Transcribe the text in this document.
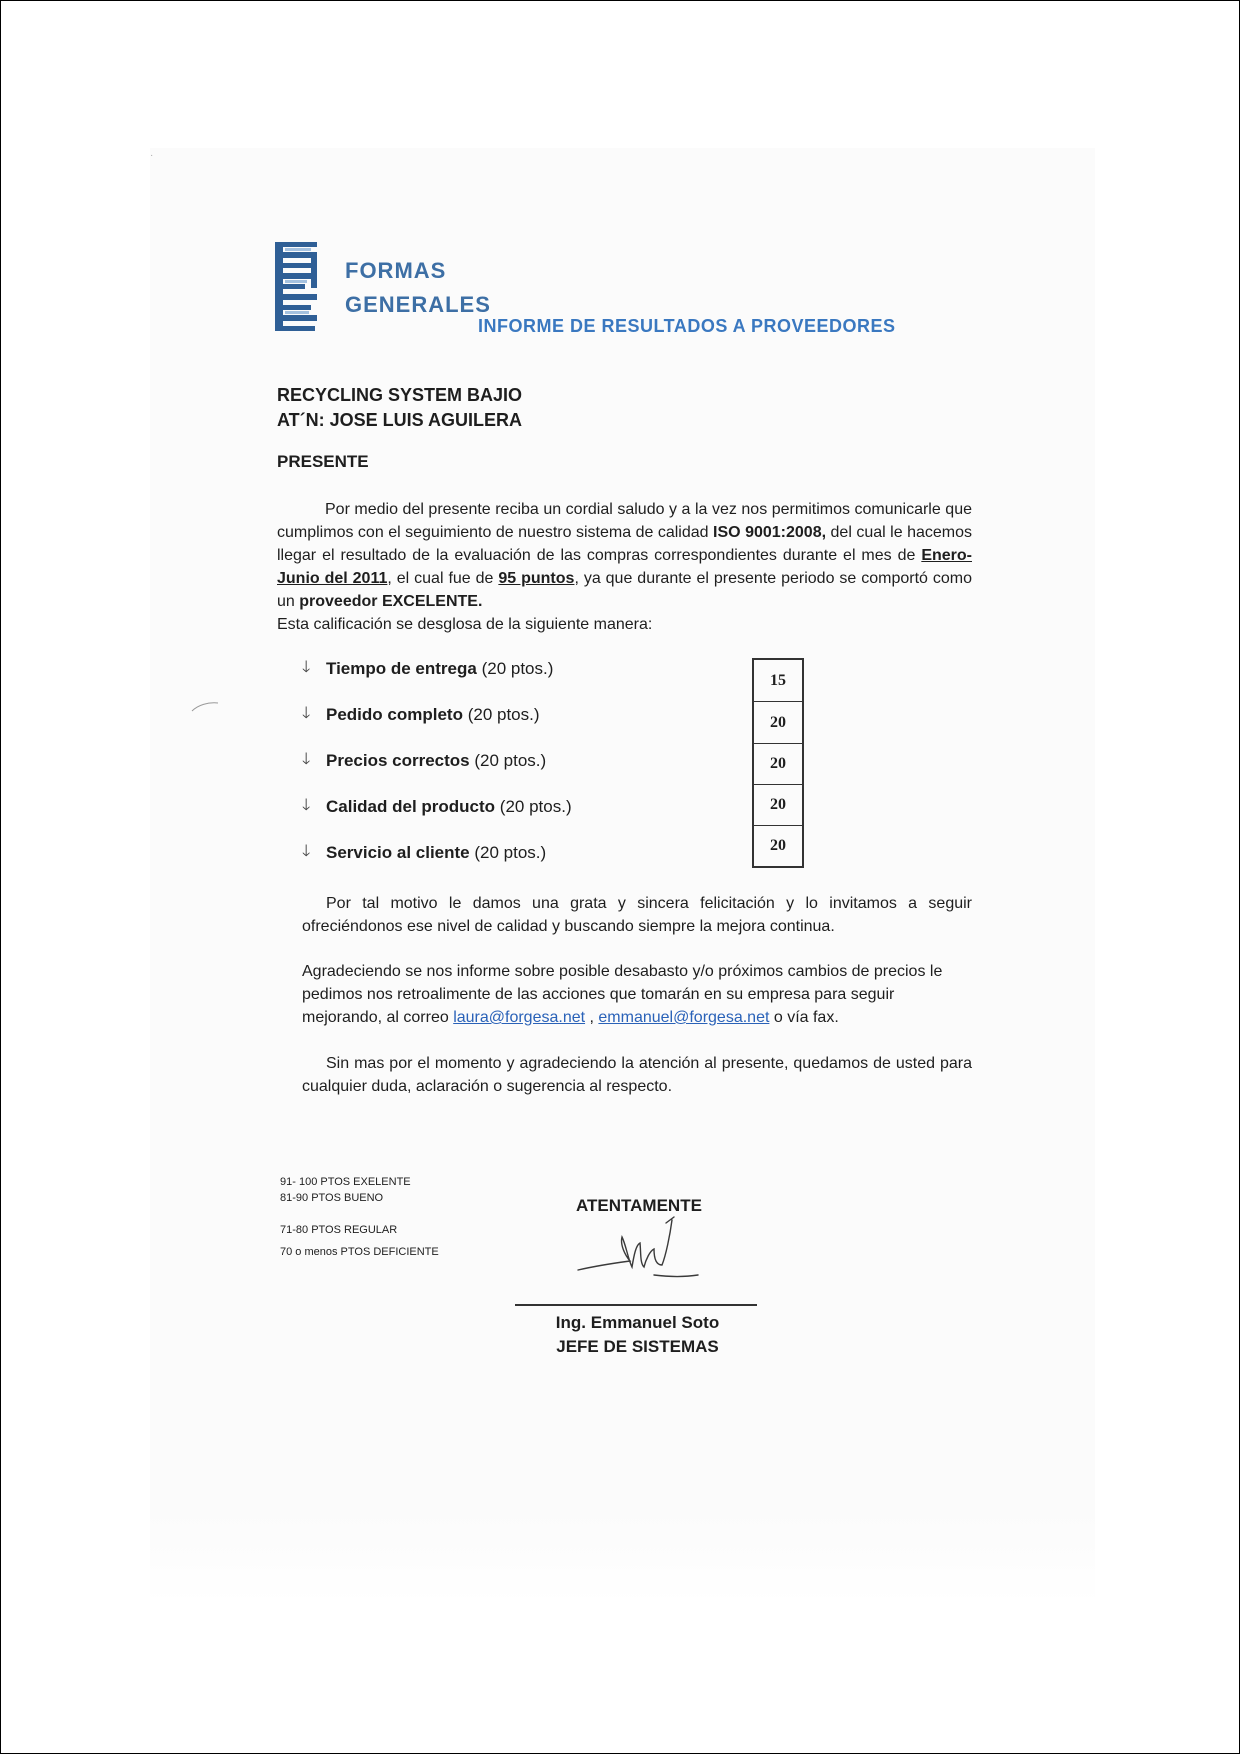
·
FORMAS
GENERALES
INFORME DE RESULTADOS A PROVEEDORES
RECYCLING SYSTEM BAJIO
AT´N: JOSE LUIS AGUILERA
PRESENTE
Por medio del presente reciba un cordial saludo y a la vez nos permitimos comunicarle que cumplimos con el seguimiento de nuestro sistema de calidad ISO 9001:2008, del cual le hacemos llegar el resultado de la evaluación de las compras correspondientes durante el mes de Enero-Junio del 2011, el cual fue de 95 puntos, ya que durante el presente periodo se comportó como un proveedor EXCELENTE.
Esta calificación se desglosa de la siguiente manera:
🡓 Tiempo de entrega
(20 ptos.)
🡓 Pedido completo
(20 ptos.)
🡓 Precios correctos
(20 ptos.)
🡓 Calidad del producto
(20 ptos.)
🡓 Servicio al cliente
(20 ptos.)
15
20
20
20
20
Por tal motivo le damos una grata y sincera felicitación y lo invitamos a seguir ofreciéndonos ese nivel de calidad y buscando siempre la mejora continua.
Agradeciendo se nos informe sobre posible desabasto y/o próximos cambios de precios le pedimos nos retroalimente de las acciones que tomarán en su empresa para seguir mejorando, al correo laura@forgesa.net , emmanuel@forgesa.net o vía fax.
Sin mas por el momento y agradeciendo la atención al presente, quedamos de usted para cualquier duda, aclaración o sugerencia al respecto.
91- 100 PTOS EXELENTE
81-90 PTOS BUENO
71-80 PTOS REGULAR
70 o menos PTOS DEFICIENTE
ATENTAMENTE
Ing. Emmanuel Soto
JEFE DE SISTEMAS
